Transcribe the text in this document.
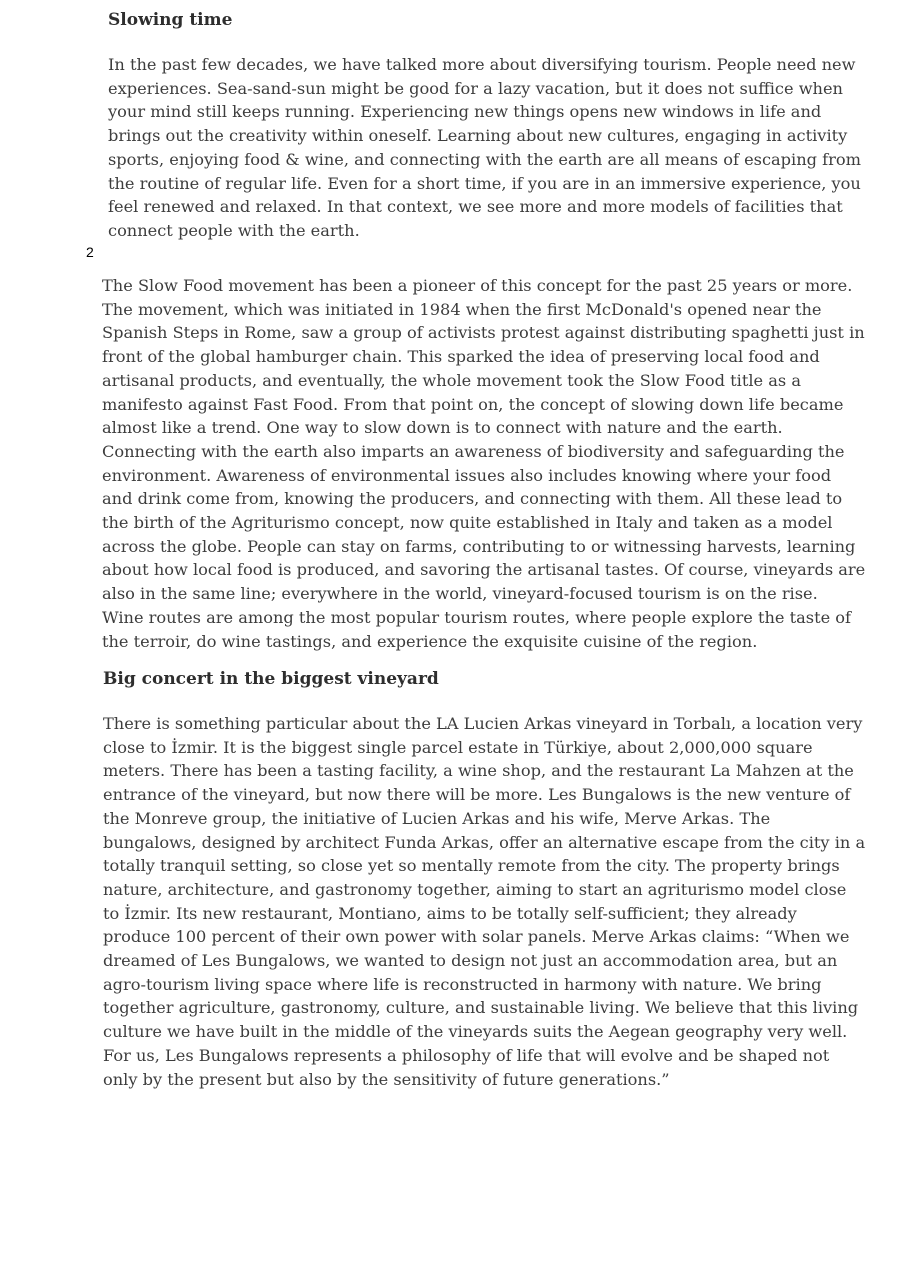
Slowing time

In the past few decades, we have talked more about diversifying tourism. People need new
experiences. Sea-sand-sun might be good for a lazy vacation, but it does not suffice when
your mind still keeps running. Experiencing new things opens new windows in life and
brings out the creativity within oneself. Learning about new cultures, engaging in activity
sports, enjoying food & wine, and connecting with the earth are all means of escaping from
the routine of regular life. Even for a short time, if you are in an immersive experience, you
feel renewed and relaxed. In that context, we see more and more models of facilities that
connect people with the earth.

2

The Slow Food movement has been a pioneer of this concept for the past 25 years or more.
The movement, which was initiated in 1984 when the first McDonald's opened near the
Spanish Steps in Rome, saw a group of activists protest against distributing spaghetti just in
front of the global hamburger chain. This sparked the idea of preserving local food and
artisanal products, and eventually, the whole movement took the Slow Food title as a
manifesto against Fast Food. From that point on, the concept of slowing down life became
almost like a trend. One way to slow down is to connect with nature and the earth.
Connecting with the earth also imparts an awareness of biodiversity and safeguarding the
environment. Awareness of environmental issues also includes knowing where your food
and drink come from, knowing the producers, and connecting with them. All these lead to
the birth of the Agriturismo concept, now quite established in Italy and taken as a model
across the globe. People can stay on farms, contributing to or witnessing harvests, learning
about how local food is produced, and savoring the artisanal tastes. Of course, vineyards are
also in the same line; everywhere in the world, vineyard-focused tourism is on the rise.
Wine routes are among the most popular tourism routes, where people explore the taste of
the terroir, do wine tastings, and experience the exquisite cuisine of the region.

Big concert in the biggest vineyard

There is something particular about the LA Lucien Arkas vineyard in Torbalı, a location very
close to İzmir. It is the biggest single parcel estate in Türkiye, about 2,000,000 square
meters. There has been a tasting facility, a wine shop, and the restaurant La Mahzen at the
entrance of the vineyard, but now there will be more. Les Bungalows is the new venture of
the Monreve group, the initiative of Lucien Arkas and his wife, Merve Arkas. The
bungalows, designed by architect Funda Arkas, offer an alternative escape from the city in a
totally tranquil setting, so close yet so mentally remote from the city. The property brings
nature, architecture, and gastronomy together, aiming to start an agriturismo model close
to İzmir. Its new restaurant, Montiano, aims to be totally self-sufficient; they already
produce 100 percent of their own power with solar panels. Merve Arkas claims: “When we
dreamed of Les Bungalows, we wanted to design not just an accommodation area, but an
agro-tourism living space where life is reconstructed in harmony with nature. We bring
together agriculture, gastronomy, culture, and sustainable living. We believe that this living
culture we have built in the middle of the vineyards suits the Aegean geography very well.
For us, Les Bungalows represents a philosophy of life that will evolve and be shaped not
only by the present but also by the sensitivity of future generations.”
